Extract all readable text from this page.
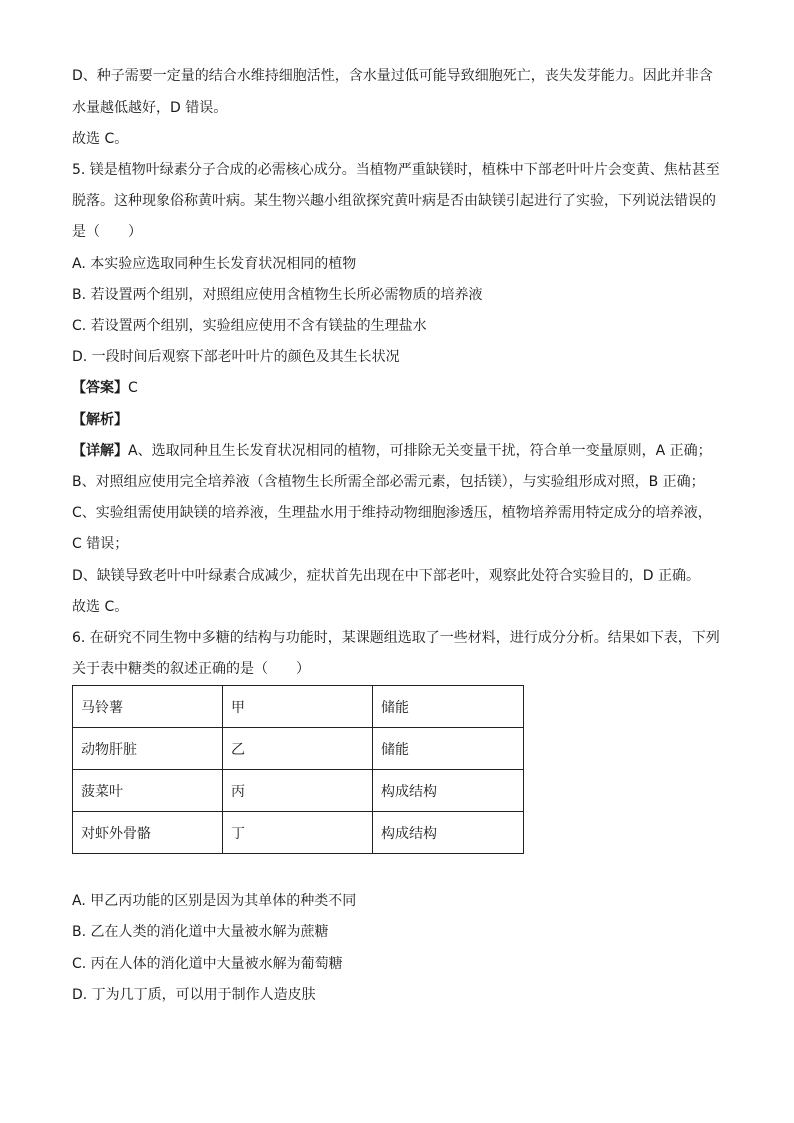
D、种子需要一定量的结合水维持细胞活性，含水量过低可能导致细胞死亡，丧失发芽能力。因此并非含
水量越低越好，D 错误。
故选 C。
5. 镁是植物叶绿素分子合成的必需核心成分。当植物严重缺镁时，植株中下部老叶叶片会变黄、焦枯甚至
脱落。这种现象俗称黄叶病。某生物兴趣小组欲探究黄叶病是否由缺镁引起进行了实验，下列说法错误的
是（　　）
A. 本实验应选取同种生长发育状况相同的植物
B. 若设置两个组别，对照组应使用含植物生长所必需物质的培养液
C. 若设置两个组别，实验组应使用不含有镁盐的生理盐水
D. 一段时间后观察下部老叶叶片的颜色及其生长状况
【答案】C
【解析】
【详解】A、选取同种且生长发育状况相同的植物，可排除无关变量干扰，符合单一变量原则，A 正确；
B、对照组应使用完全培养液（含植物生长所需全部必需元素，包括镁），与实验组形成对照，B 正确；
C、实验组需使用缺镁的培养液，生理盐水用于维持动物细胞渗透压，植物培养需用特定成分的培养液，
C 错误；
D、缺镁导致老叶中叶绿素合成减少，症状首先出现在中下部老叶，观察此处符合实验目的，D 正确。
故选 C。
6. 在研究不同生物中多糖的结构与功能时，某课题组选取了一些材料，进行成分分析。结果如下表，下列
关于表中糖类的叙述正确的是（　　）
马铃薯	甲	储能
动物肝脏	乙	储能
菠菜叶	丙	构成结构
对虾外骨骼	丁	构成结构
A. 甲乙丙功能的区别是因为其单体的种类不同
B. 乙在人类的消化道中大量被水解为蔗糖
C. 丙在人体的消化道中大量被水解为葡萄糖
D. 丁为几丁质，可以用于制作人造皮肤
